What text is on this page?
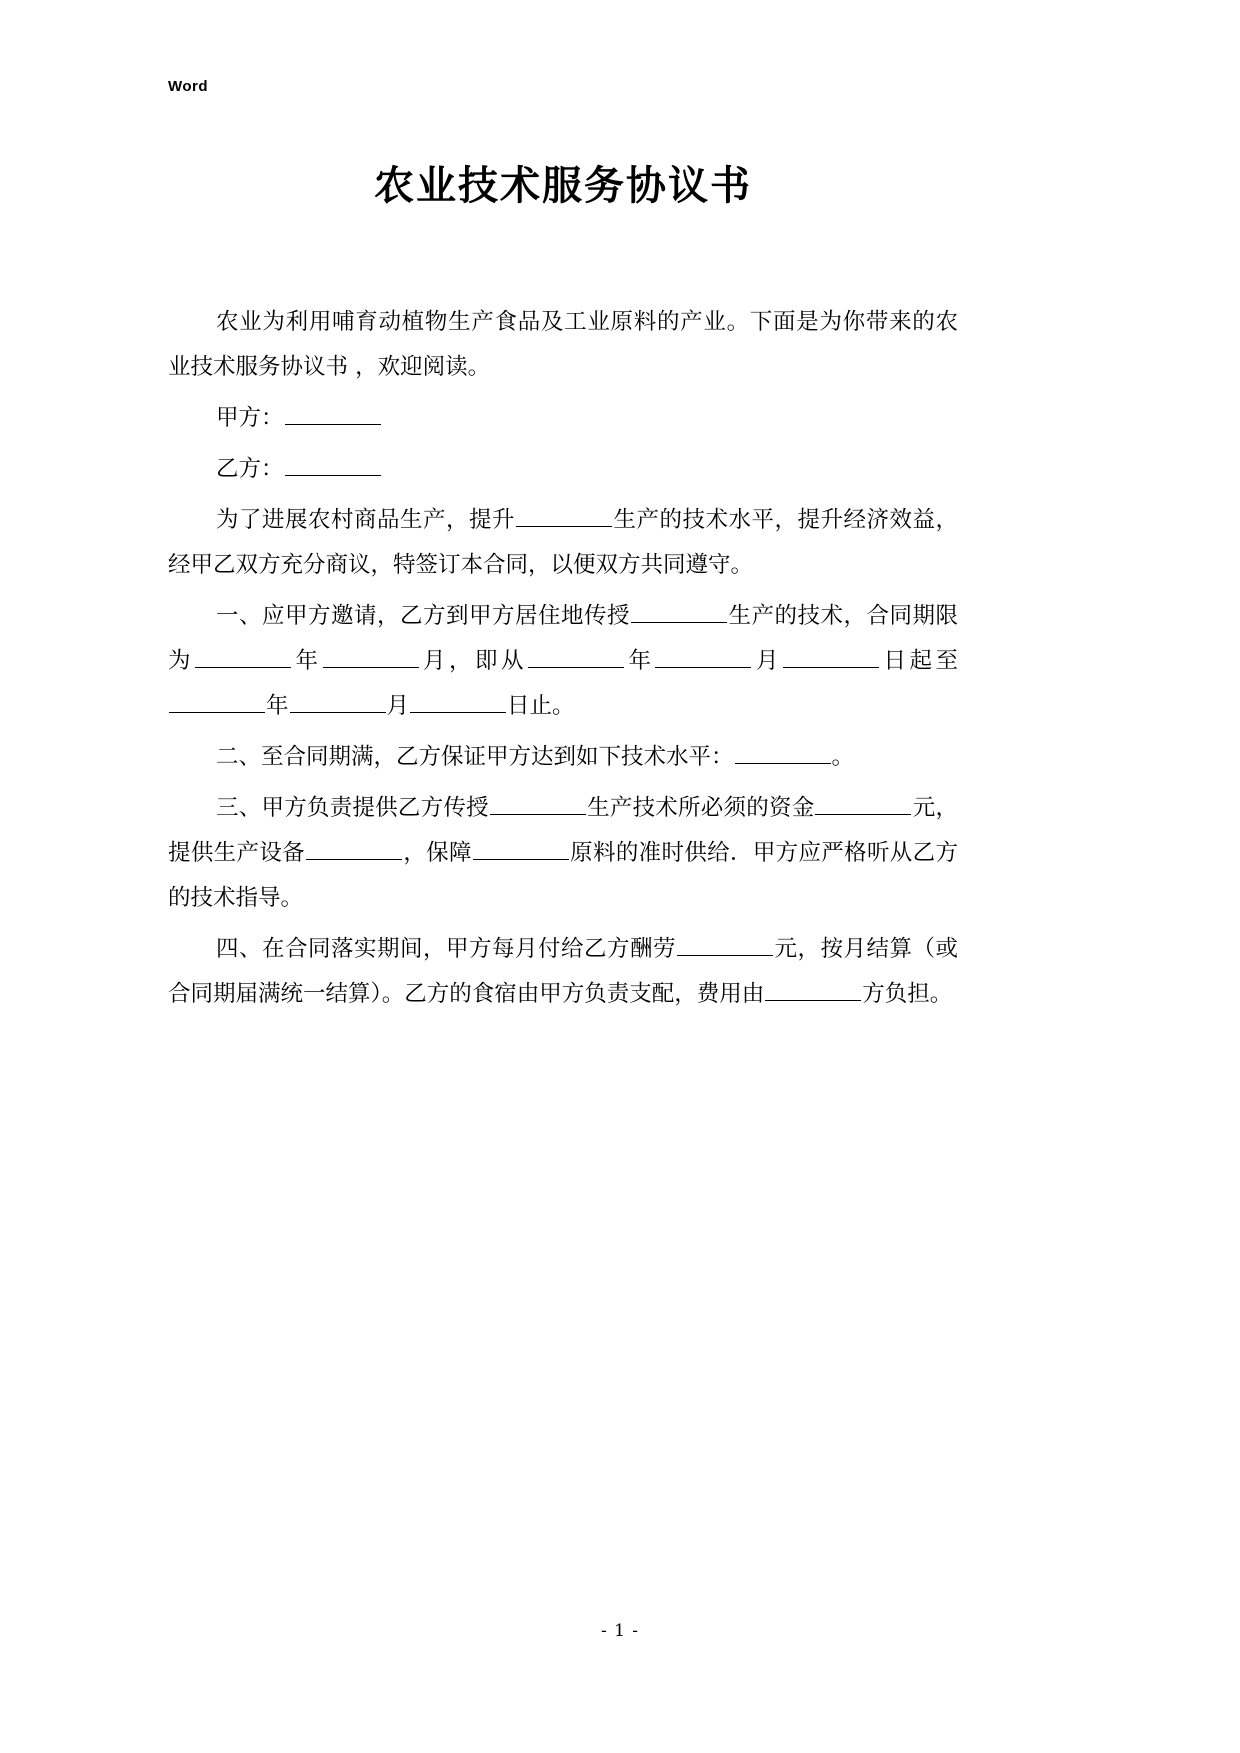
Word
农业技术服务协议书

农业为利用哺育动植物生产食品及工业原料的产业。下面是为你带来的农业技术服务协议书 ，欢迎阅读。

甲方：

乙方：

为了进展农村商品生产，提升	生产的技术水平，提升经济效益，经甲乙双方充分商议，特签订本合同，以便双方共同遵守。

一、应甲方邀请，乙方到甲方居住地传授	生产的技术，合同期限为	年	月，即从	年	月	日起至年	月	日止。

二、至合同期满，乙方保证甲方达到如下技术水平：	。

三、甲方负责提供乙方传授	生产技术所必须的资金	元，提供生产设备	，保障	原料的准时供给．甲方应严格听从乙方的技术指导。

四、在合同落实期间，甲方每月付给乙方酬劳	元，按月结算（或合同期届满统一结算）。乙方的食宿由甲方负责支配，费用由	方负担。

- 1 -
